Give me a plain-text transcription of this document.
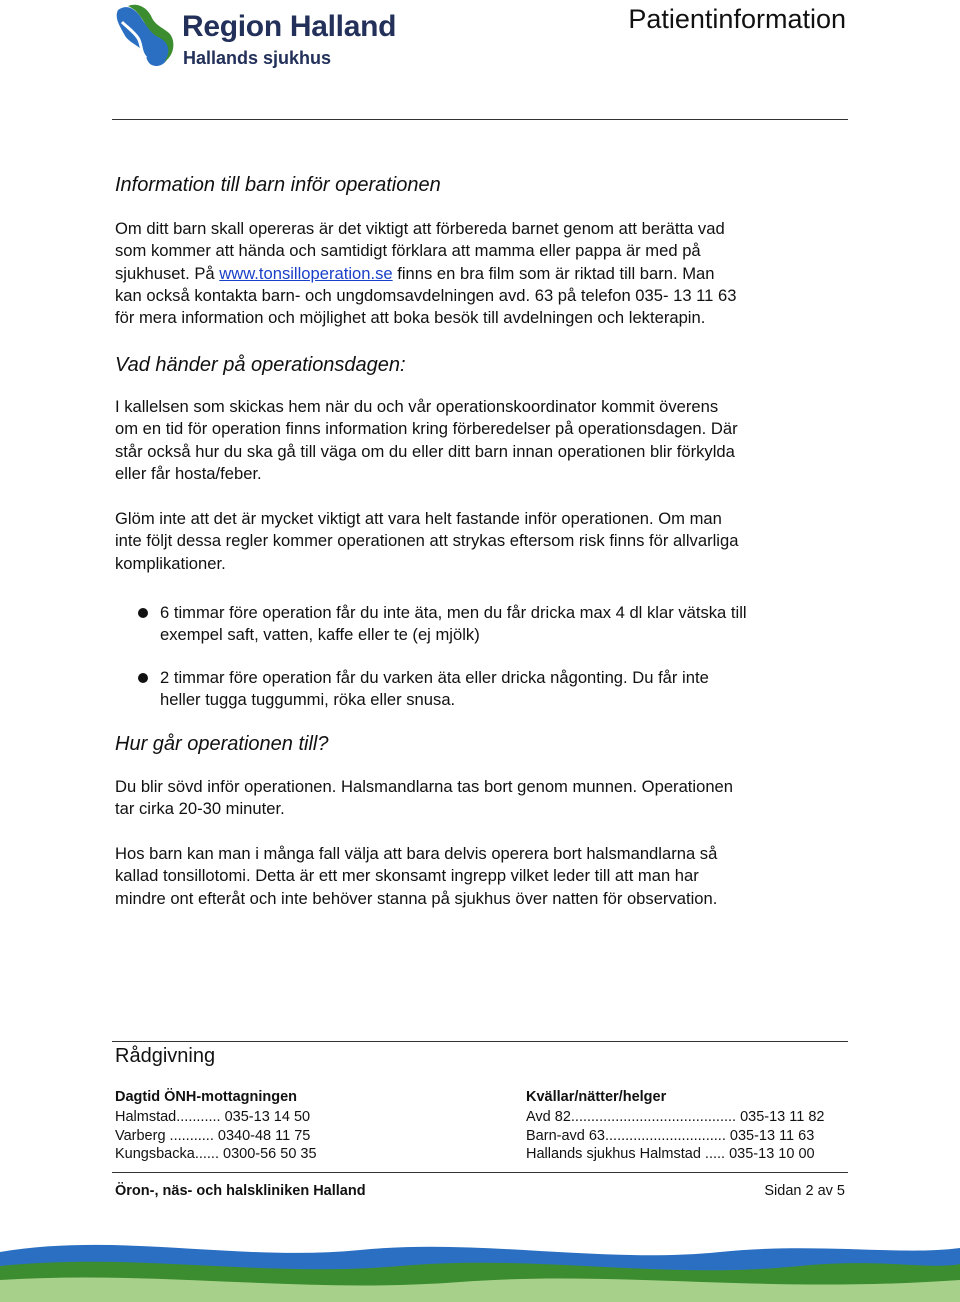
Region Halland
Hallands sjukhus
Patientinformation
Information till barn inför operationen

Om ditt barn skall opereras är det viktigt att förbereda barnet genom att berätta vad

som kommer att hända och samtidigt förklara att mamma eller pappa är med på

sjukhuset. På www.tonsilloperation.se finns en bra film som är riktad till barn. Man

kan också kontakta barn- och ungdomsavdelningen avd. 63 på telefon 035- 13 11 63

för mera information och möjlighet att boka besök till avdelningen och lekterapin.

Vad händer på operationsdagen:

I kallelsen som skickas hem när du och vår operationskoordinator kommit överens

om en tid för operation finns information kring förberedelser på operationsdagen. Där

står också hur du ska gå till väga om du eller ditt barn innan operationen blir förkylda

eller får hosta/feber.

Glöm inte att det är mycket viktigt att vara helt fastande inför operationen. Om man

inte följt dessa regler kommer operationen att strykas eftersom risk finns för allvarliga

komplikationer.

6 timmar före operation får du inte äta, men du får dricka max 4 dl klar vätska till
exempel saft, vatten, kaffe eller te (ej mjölk)
2 timmar före operation får du varken äta eller dricka någonting. Du får inte
heller tugga tuggummi, röka eller snusa.
Hur går operationen till?

Du blir sövd inför operationen. Halsmandlarna tas bort genom munnen. Operationen

tar cirka 20-30 minuter.

Hos barn kan man i många fall välja att bara delvis operera bort halsmandlarna så

kallad tonsillotomi. Detta är ett mer skonsamt ingrepp vilket leder till att man har

mindre ont efteråt och inte behöver stanna på sjukhus över natten för observation.

Rådgivning
Dagtid ÖNH-mottagningen	Kvällar/nätter/helger
Halmstad........... 035-13 14 50
Varberg ........... 0340-48 11 75
Kungsbacka...... 0300-56 50 35
Avd 82......................................... 035-13 11 82
Barn-avd 63.............................. 035-13 11 63
Hallands sjukhus Halmstad ..... 035-13 10 00
Öron-, näs- och halskliniken Halland	Sidan 2 av 5
